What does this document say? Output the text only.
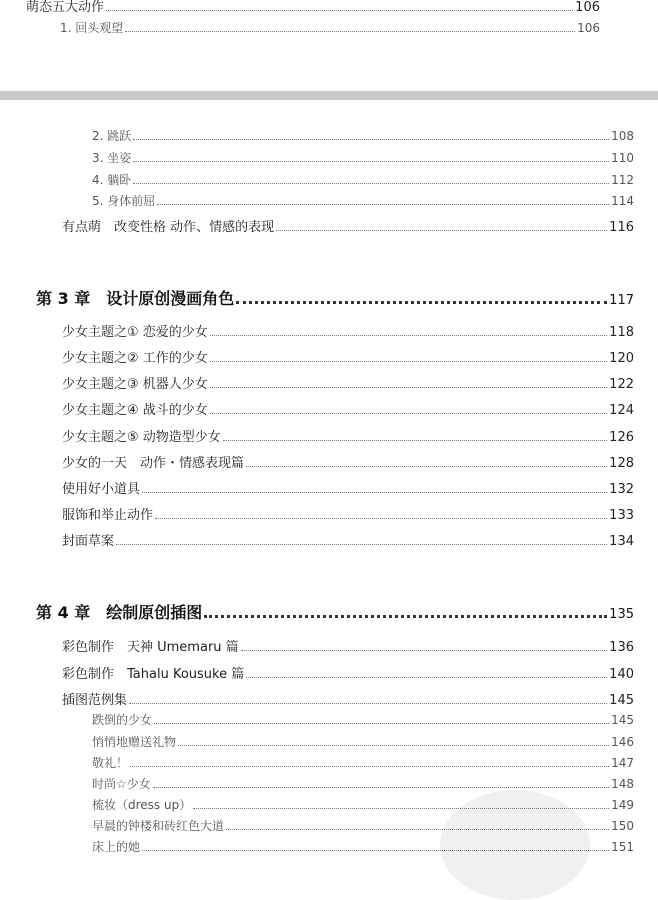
萌态五大动作	106
1. 回头观望	106
2. 跳跃	108
3. 坐姿	110
4. 躺卧	112
5. 身体前屈	114
有点萌　改变性格 动作、情感的表现	116
第 3 章　设计原创漫画角色	117
少女主题之① 恋爱的少女	118
少女主题之② 工作的少女	120
少女主题之③ 机器人少女	122
少女主题之④ 战斗的少女	124
少女主题之⑤ 动物造型少女	126
少女的一天　动作・情感表现篇	128
使用好小道具	132
服饰和举止动作	133
封面草案	134
第 4 章　绘制原创插图	135
彩色制作　天神 Umemaru 篇	136
彩色制作　Tahalu Kousuke 篇	140
插图范例集	145
跌倒的少女	145
悄悄地赠送礼物	146
敬礼！	147
时尚☆少女	148
梳妆（dress up）	149
早晨的钟楼和砖红色大道	150
床上的她	151
